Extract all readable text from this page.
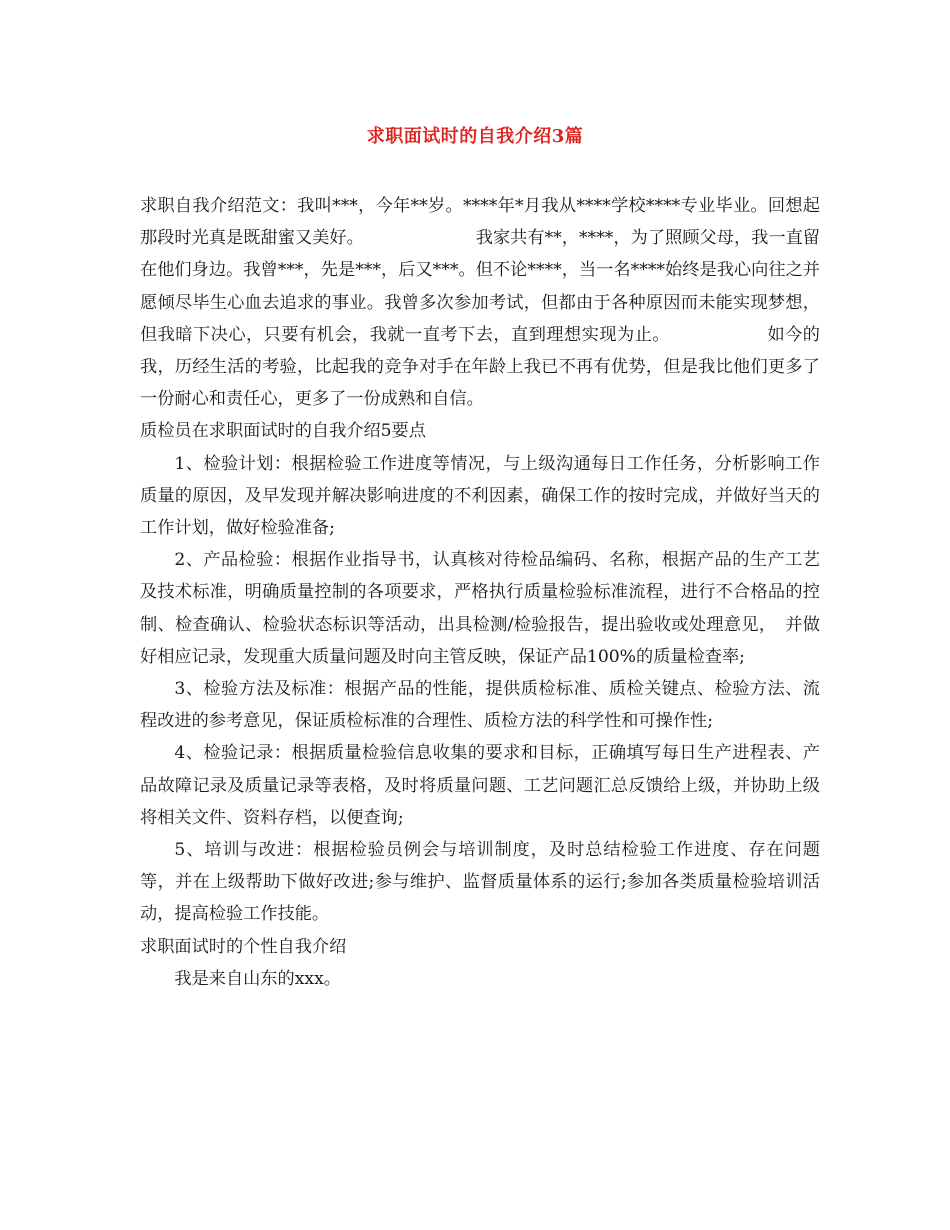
求职面试时的自我介绍3篇

求职自我介绍范文：我叫***，今年**岁。****年*月我从****学校****专业毕业。回想起那段时光真是既甜蜜又美好。　　　　　　　我家共有**，****，为了照顾父母，我一直留在他们身边。我曾***，先是***，后又***。但不论****，当一名****始终是我心向往之并愿倾尽毕生心血去追求的事业。我曾多次参加考试，但都由于各种原因而未能实现梦想，但我暗下决心，只要有机会，我就一直考下去，直到理想实现为止。　　　　　　如今的我，历经生活的考验，比起我的竞争对手在年龄上我已不再有优势，但是我比他们更多了一份耐心和责任心，更多了一份成熟和自信。

质检员在求职面试时的自我介绍5要点

1、检验计划：根据检验工作进度等情况，与上级沟通每日工作任务，分析影响工作质量的原因，及早发现并解决影响进度的不利因素，确保工作的按时完成，并做好当天的工作计划，做好检验准备;

2、产品检验：根据作业指导书，认真核对待检品编码、名称，根据产品的生产工艺及技术标准，明确质量控制的各项要求，严格执行质量检验标准流程，进行不合格品的控制、检查确认、检验状态标识等活动，出具检测/检验报告，提出验收或处理意见，　并做好相应记录，发现重大质量问题及时向主管反映，保证产品100%的质量检查率;

3、检验方法及标准：根据产品的性能，提供质检标准、质检关键点、检验方法、流程改进的参考意见，保证质检标准的合理性、质检方法的科学性和可操作性;

4、检验记录：根据质量检验信息收集的要求和目标，正确填写每日生产进程表、产品故障记录及质量记录等表格，及时将质量问题、工艺问题汇总反馈给上级，并协助上级将相关文件、资料存档，以便查询;

5、培训与改进：根据检验员例会与培训制度，及时总结检验工作进度、存在问题等，并在上级帮助下做好改进;参与维护、监督质量体系的运行;参加各类质量检验培训活动，提高检验工作技能。

求职面试时的个性自我介绍

我是来自山东的xxx。
